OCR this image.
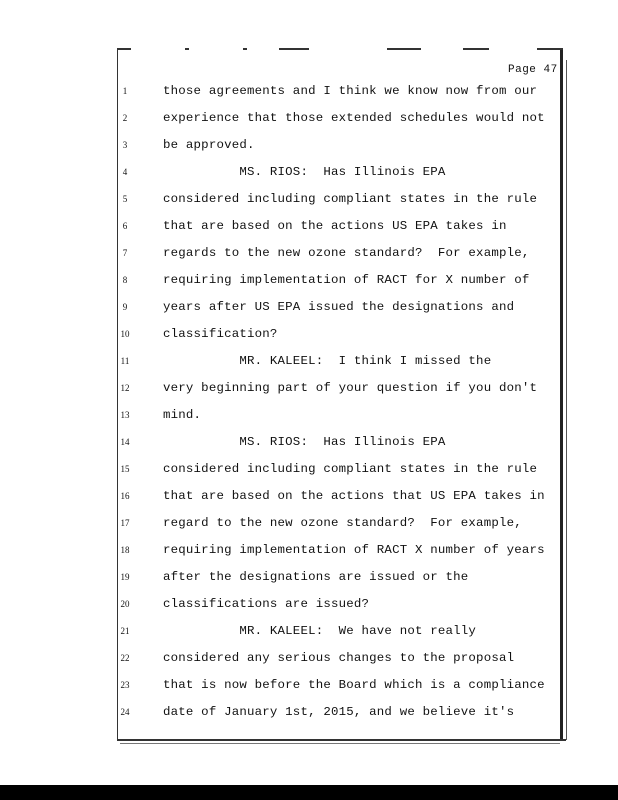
Page 47
1	those agreements and I think we know now from our
2	experience that those extended schedules would not
3	be approved.
4	MS. RIOS:  Has Illinois EPA
5	considered including compliant states in the rule
6	that are based on the actions US EPA takes in
7	regards to the new ozone standard?  For example,
8	requiring implementation of RACT for X number of
9	years after US EPA issued the designations and
10	classification?
11	MR. KALEEL:  I think I missed the
12	very beginning part of your question if you don't
13	mind.
14	MS. RIOS:  Has Illinois EPA
15	considered including compliant states in the rule
16	that are based on the actions that US EPA takes in
17	regard to the new ozone standard?  For example,
18	requiring implementation of RACT X number of years
19	after the designations are issued or the
20	classifications are issued?
21	MR. KALEEL:  We have not really
22	considered any serious changes to the proposal
23	that is now before the Board which is a compliance
24	date of January 1st, 2015, and we believe it's
